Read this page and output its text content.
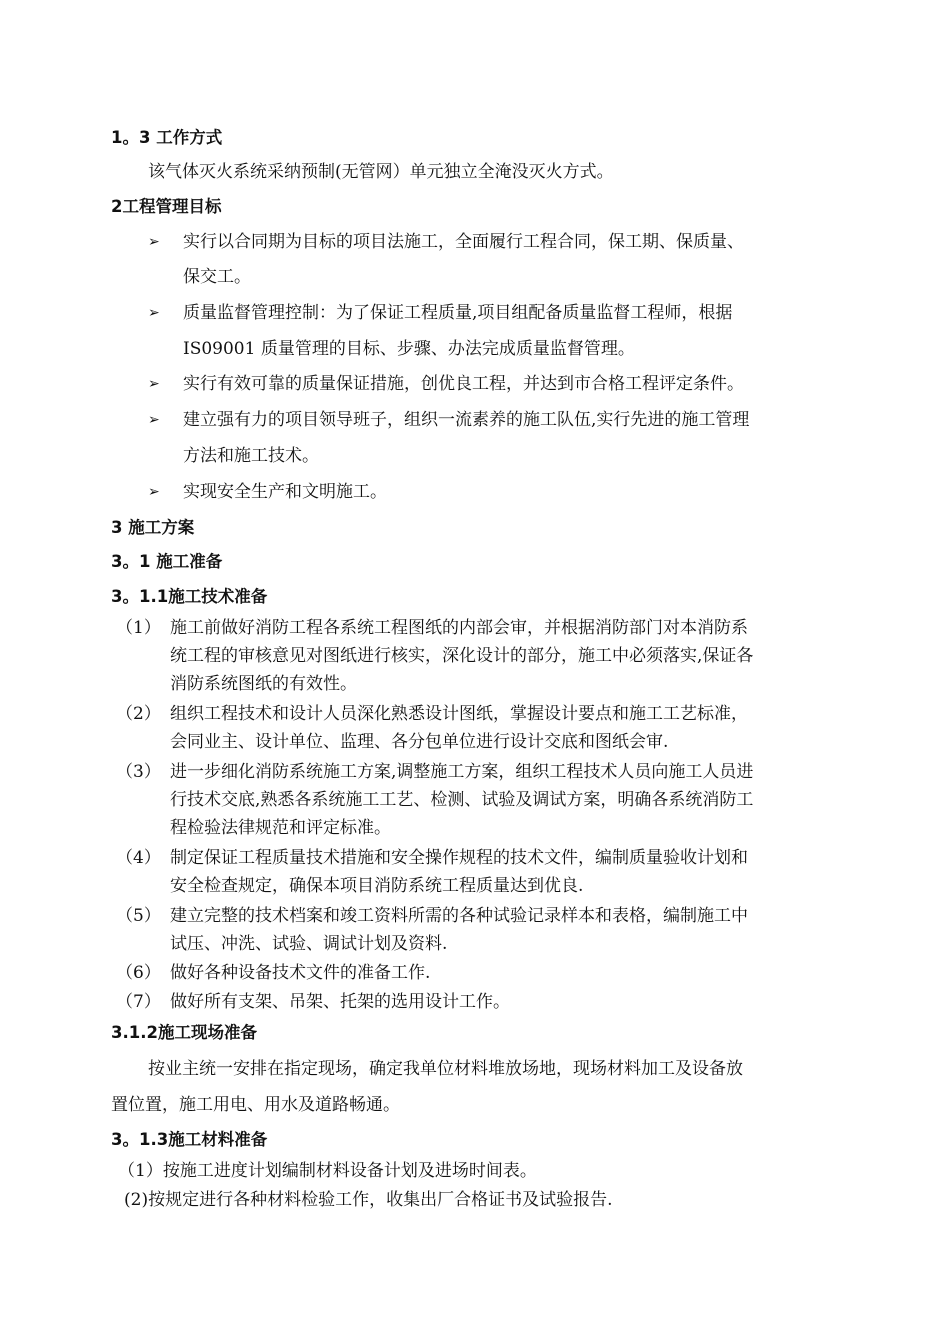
1。3 工作方式
该气体灭火系统采纳预制(无管网）单元独立全淹没灭火方式。
2工程管理目标
➢ 实行以合同期为目标的项目法施工，全面履行工程合同，保工期、保质量、
保交工。
➢ 质量监督管理控制：为了保证工程质量,项目组配备质量监督工程师，根据
IS09001 质量管理的目标、步骤、办法完成质量监督管理。
➢ 实行有效可靠的质量保证措施，创优良工程，并达到市合格工程评定条件。
➢ 建立强有力的项目领导班子，组织一流素养的施工队伍,实行先进的施工管理
方法和施工技术。
➢ 实现安全生产和文明施工。
3 施工方案
3。1 施工准备
3。1.1施工技术准备
（1） 施工前做好消防工程各系统工程图纸的内部会审，并根据消防部门对本消防系
统工程的审核意见对图纸进行核实，深化设计的部分，施工中必须落实,保证各
消防系统图纸的有效性。
（2） 组织工程技术和设计人员深化熟悉设计图纸，掌握设计要点和施工工艺标准，
会同业主、设计单位、监理、各分包单位进行设计交底和图纸会审.
（3） 进一步细化消防系统施工方案,调整施工方案，组织工程技术人员向施工人员进
行技术交底,熟悉各系统施工工艺、检测、试验及调试方案，明确各系统消防工
程检验法律规范和评定标准。
（4） 制定保证工程质量技术措施和安全操作规程的技术文件，编制质量验收计划和
安全检查规定，确保本项目消防系统工程质量达到优良.
（5） 建立完整的技术档案和竣工资料所需的各种试验记录样本和表格，编制施工中
试压、冲洗、试验、调试计划及资料.
（6） 做好各种设备技术文件的准备工作.
（7） 做好所有支架、吊架、托架的选用设计工作。
3.1.2施工现场准备
按业主统一安排在指定现场，确定我单位材料堆放场地，现场材料加工及设备放
置位置，施工用电、用水及道路畅通。
3。1.3施工材料准备
（1）按施工进度计划编制材料设备计划及进场时间表。
(2)按规定进行各种材料检验工作，收集出厂合格证书及试验报告.
